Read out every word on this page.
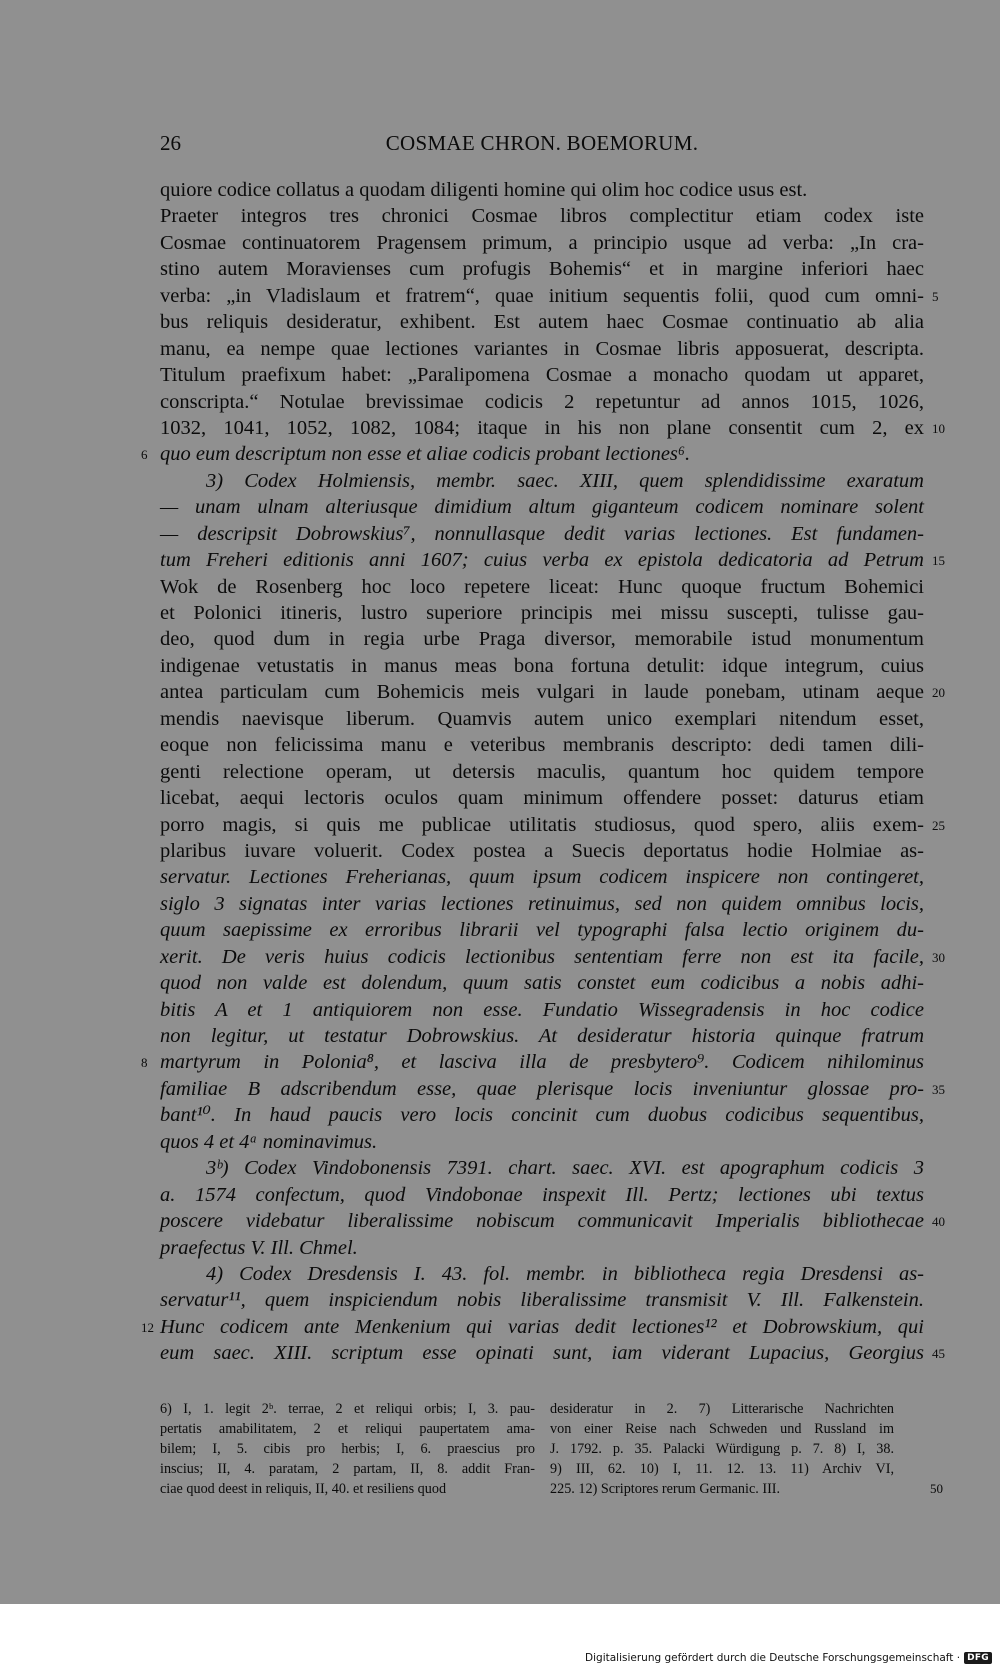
26	COSMAE CHRON. BOEMORUM.
quiore codice collatus a quodam diligenti homine qui olim hoc codice usus est.
Praeter integros tres chronici Cosmae libros complectitur etiam codex iste
Cosmae continuatorem Pragensem primum, a principio usque ad verba: „In cra-
stino autem Moravienses cum profugis Bohemis“ et in margine inferiori haec
verba: „in Vladislaum et fratrem“, quae initium sequentis folii, quod cum omni- 5
bus reliquis desideratur, exhibent. Est autem haec Cosmae continuatio ab alia
manu, ea nempe quae lectiones variantes in Cosmae libris apposuerat, descripta.
Titulum praefixum habet: „Paralipomena Cosmae a monacho quodam ut apparet,
conscripta.“ Notulae brevissimae codicis 2 repetuntur ad annos 1015, 1026,
1032, 1041, 1052, 1082, 1084; itaque in his non plane consentit cum 2, ex 10
quo eum descriptum non esse et aliae codicis probant lectiones⁶.
6
3) Codex Holmiensis, membr. saec. XIII, quem splendidissime exaratum
— unam ulnam alteriusque dimidium altum giganteum codicem nominare solent
— descripsit Dobrowskius⁷, nonnullasque dedit varias lectiones. Est fundamen-
tum Freheri editionis anni 1607; cuius verba ex epistola dedicatoria ad Petrum 15
Wok de Rosenberg hoc loco repetere liceat: Hunc quoque fructum Bohemici
et Polonici itineris, lustro superiore principis mei missu suscepti, tulisse gau-
deo, quod dum in regia urbe Praga diversor, memorabile istud monumentum
indigenae vetustatis in manus meas bona fortuna detulit: idque integrum, cuius
antea particulam cum Bohemicis meis vulgari in laude ponebam, utinam aeque 20
mendis naevisque liberum. Quamvis autem unico exemplari nitendum esset,
eoque non felicissima manu e veteribus membranis descripto: dedi tamen dili-
genti relectione operam, ut detersis maculis, quantum hoc quidem tempore
licebat, aequi lectoris oculos quam minimum offendere posset: daturus etiam
porro magis, si quis me publicae utilitatis studiosus, quod spero, aliis exem- 25
plaribus iuvare voluerit. Codex postea a Suecis deportatus hodie Holmiae as-
servatur. Lectiones Freherianas, quum ipsum codicem inspicere non contingeret,
siglo 3 signatas inter varias lectiones retinuimus, sed non quidem omnibus locis,
quum saepissime ex erroribus librarii vel typographi falsa lectio originem du-
xerit. De veris huius codicis lectionibus sententiam ferre non est ita facile, 30
quod non valde est dolendum, quum satis constet eum codicibus a nobis adhi-
bitis A et 1 antiquiorem non esse. Fundatio Wissegradensis in hoc codice
non legitur, ut testatur Dobrowskius. At desideratur historia quinque fratrum
martyrum in Polonia⁸, et lasciva illa de presbytero⁹. Codicem nihilominus
8
familiae B adscribendum esse, quae plerisque locis inveniuntur glossae pro- 35
bant¹⁰. In haud paucis vero locis concinit cum duobus codicibus sequentibus,
quos 4 et 4ᵃ nominavimus.
3ᵇ) Codex Vindobonensis 7391. chart. saec. XVI. est apographum codicis 3
a. 1574 confectum, quod Vindobonae inspexit Ill. Pertz; lectiones ubi textus
poscere videbatur liberalissime nobiscum communicavit Imperialis bibliothecae 40
praefectus V. Ill. Chmel.
4) Codex Dresdensis I. 43. fol. membr. in bibliotheca regia Dresdensi as-
servatur¹¹, quem inspiciendum nobis liberalissime transmisit V. Ill. Falkenstein.
Hunc codicem ante Menkenium qui varias dedit lectiones¹² et Dobrowskium, qui
12
eum saec. XIII. scriptum esse opinati sunt, iam viderant Lupacius, Georgius 45
6) I, 1. legit 2ᵇ. terrae, 2 et reliqui orbis; I, 3. pau-
pertatis amabilitatem, 2 et reliqui paupertatem ama-
bilem; I, 5. cibis pro herbis; I, 6. praescius pro
inscius; II, 4. paratam, 2 partam, II, 8. addit Fran-
ciae quod deest in reliquis, II, 40. et resiliens quod
desideratur in 2. 7) Litterarische Nachrichten
von einer Reise nach Schweden und Russland im
J. 1792. p. 35. Palacki Würdigung p. 7. 8) I, 38.
9) III, 62. 10) I, 11. 12. 13. 11) Archiv VI,
225. 12) Scriptores rerum Germanic. III.	50
Digitalisierung gefördert durch die Deutsche Forschungsgemeinschaft · DFG
